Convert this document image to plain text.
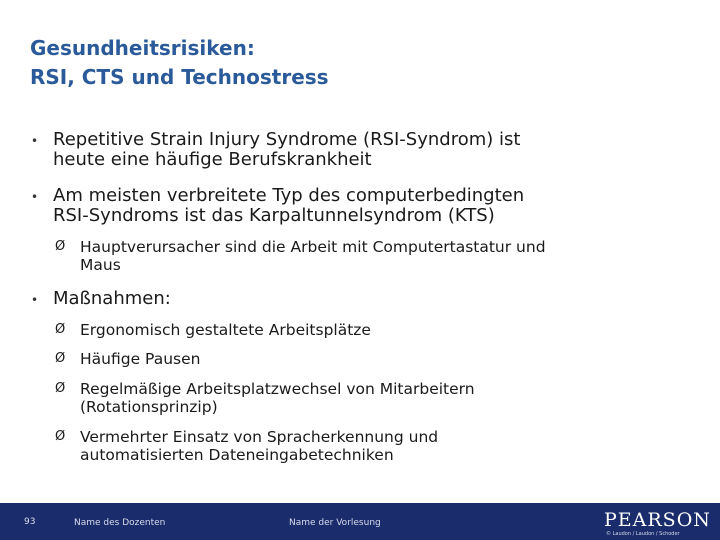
Gesundheitsrisiken:
RSI, CTS und Technostress
• Repetitive Strain Injury Syndrome (RSI-Syndrom) ist
heute eine häufige Berufskrankheit
• Am meisten verbreitete Typ des computerbedingten
RSI-Syndroms ist das Karpaltunnelsyndrom (KTS)
Ø Hauptverursacher sind die Arbeit mit Computertastatur und
Maus
• Maßnahmen:
Ø Ergonomisch gestaltete Arbeitsplätze
Ø Häufige Pausen
Ø Regelmäßige Arbeitsplatzwechsel von Mitarbeitern
(Rotationsprinzip)
Ø Vermehrter Einsatz von Spracherkennung und
automatisierten Dateneingabetechniken
93	Name des Dozenten	Name der Vorlesung	PEARSON
© Laudon / Laudon / Schoder
